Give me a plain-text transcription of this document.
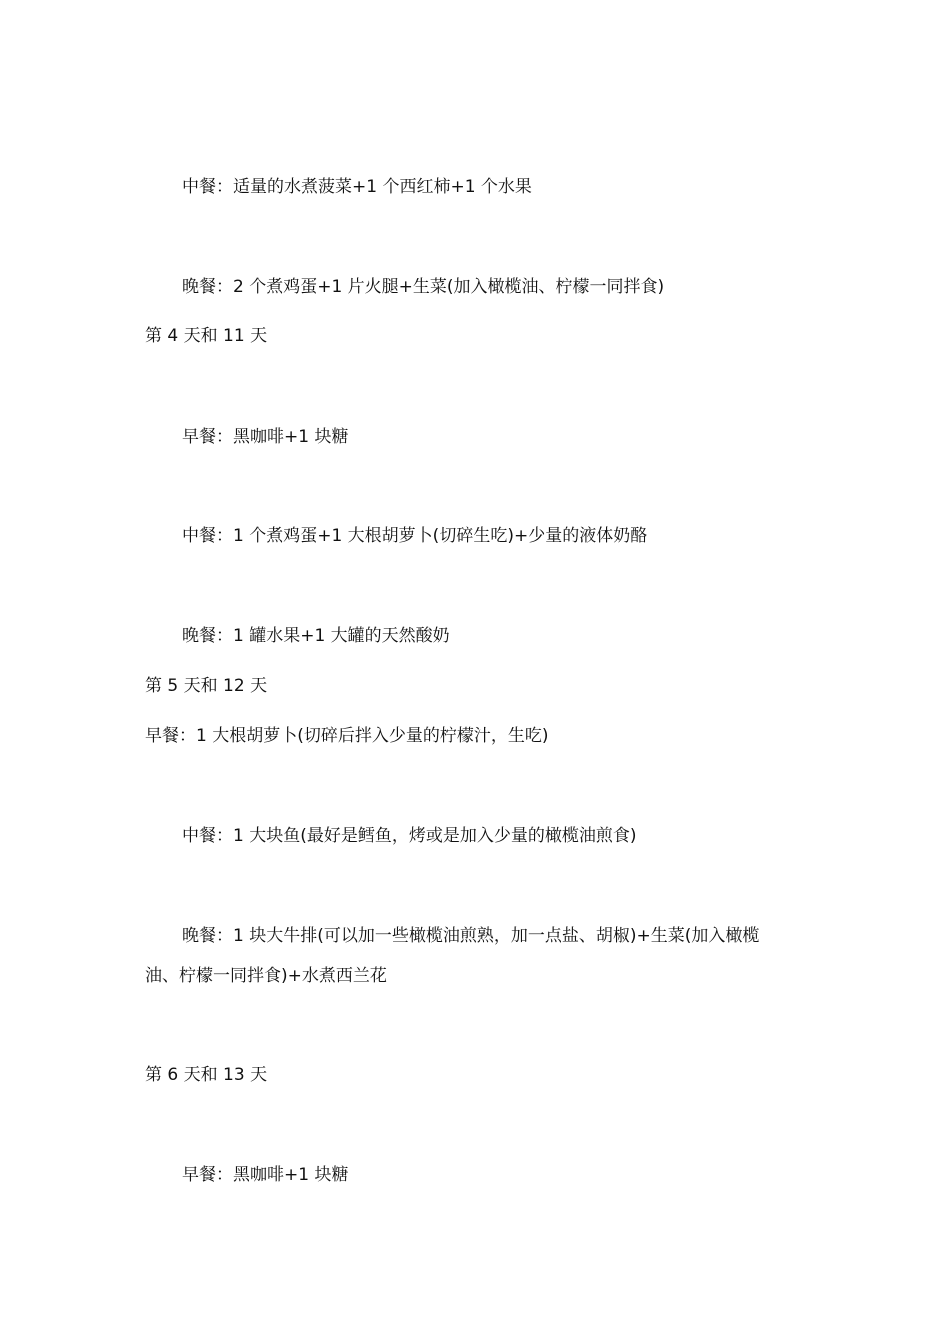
中餐：适量的水煮菠菜+1 个西红柿+1 个水果

晚餐：2 个煮鸡蛋+1 片火腿+生菜(加入橄榄油、柠檬一同拌食)

第 4 天和 11 天

早餐：黑咖啡+1 块糖

中餐：1 个煮鸡蛋+1 大根胡萝卜(切碎生吃)+少量的液体奶酪

晚餐：1 罐水果+1 大罐的天然酸奶

第 5 天和 12 天

早餐：1 大根胡萝卜(切碎后拌入少量的柠檬汁，生吃)

中餐：1 大块鱼(最好是鳕鱼，烤或是加入少量的橄榄油煎食)

晚餐：1 块大牛排(可以加一些橄榄油煎熟，加一点盐、胡椒)+生菜(加入橄榄

油、柠檬一同拌食)+水煮西兰花

第 6 天和 13 天

早餐：黑咖啡+1 块糖
